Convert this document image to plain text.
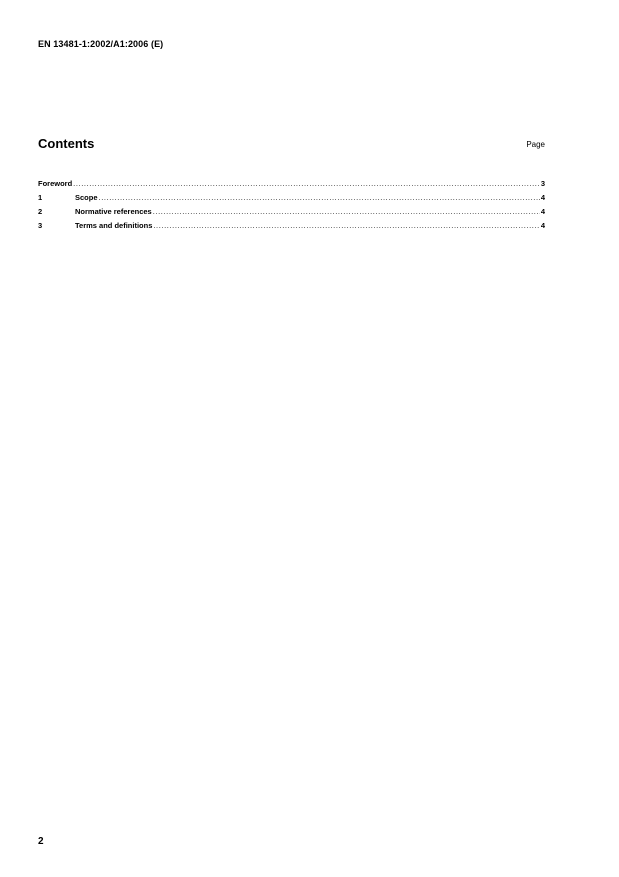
EN 13481-1:2002/A1:2006 (E)
Contents	Page
Foreword .....	3
1	Scope .....	4
2	Normative references .....	4
3	Terms and definitions .....	4
2
